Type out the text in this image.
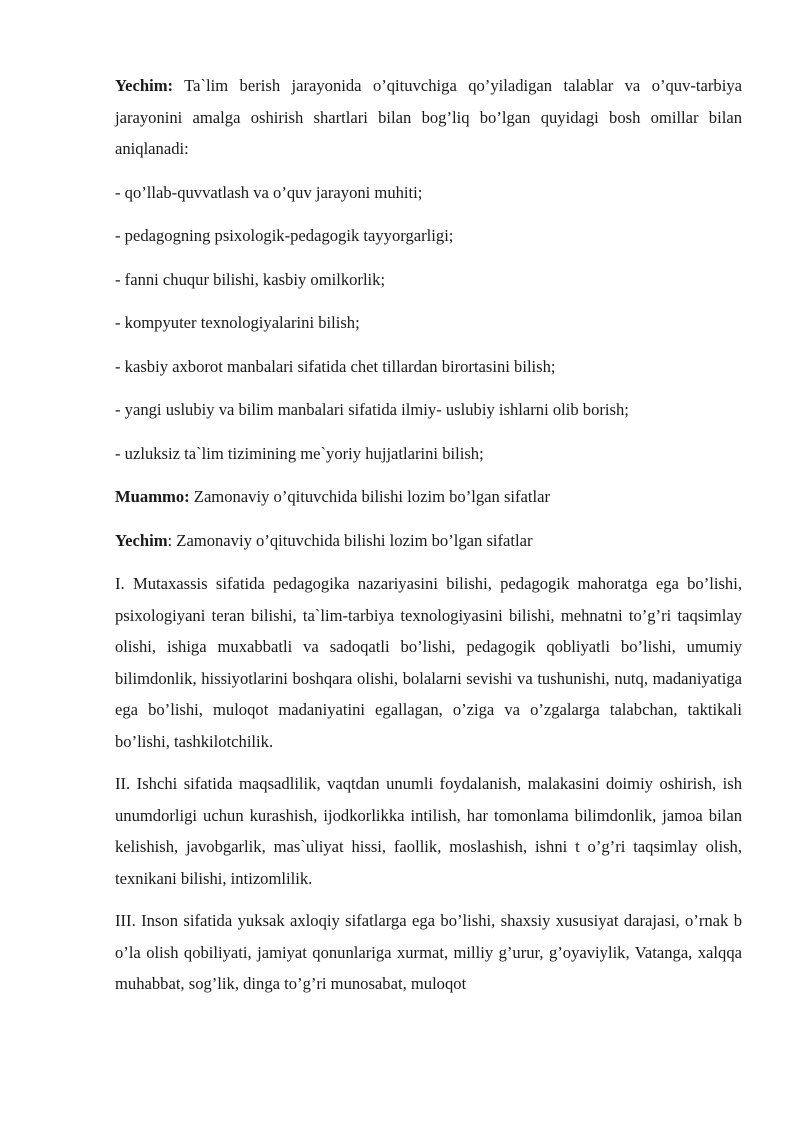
Yechim: Ta`lim berish jarayonida o’qituvchiga qo’yiladigan talablar va o’quv-tarbiya jarayonini amalga oshirish shartlari bilan bog’liq bo’lgan quyidagi bosh omillar bilan aniqlanadi:

- qo’llab-quvvatlash va o’quv jarayoni muhiti;

- pedagogning psixologik-pedagogik tayyorgarligi;

- fanni chuqur bilishi, kasbiy omilkorlik;

- kompyuter texnologiyalarini bilish;

- kasbiy axborot manbalari sifatida chet tillardan birortasini bilish;

- yangi uslubiy va bilim manbalari sifatida ilmiy- uslubiy ishlarni olib borish;

- uzluksiz ta`lim tizimining me`yoriy hujjatlarini bilish;

Muammo: Zamonaviy o’qituvchida bilishi lozim bo’lgan sifatlar

Yechim: Zamonaviy o’qituvchida bilishi lozim bo’lgan sifatlar

I. Mutaxassis sifatida pedagogika nazariyasini bilishi, pedagogik mahoratga ega bo’lishi, psixologiyani teran bilishi, ta`lim-tarbiya texnologiyasini bilishi, mehnatni to’g’ri taqsimlay olishi, ishiga muxabbatli va sadoqatli bo’lishi, pedagogik qobliyatli bo’lishi, umumiy bilimdonlik, hissiyotlarini boshqara olishi, bolalarni sevishi va tushunishi, nutq, madaniyatiga ega bo’lishi, muloqot madaniyatini egallagan, o’ziga va o’zgalarga talabchan, taktikali bo’lishi, tashkilotchilik.

II. Ishchi sifatida maqsadlilik, vaqtdan unumli foydalanish, malakasini doimiy oshirish, ish unumdorligi uchun kurashish, ijodkorlikka intilish, har tomonlama bilimdonlik, jamoa bilan kelishish, javobgarlik, mas`uliyat hissi, faollik, moslashish, ishni t o’g’ri taqsimlay olish, texnikani bilishi, intizomlilik.

III. Inson sifatida yuksak axloqiy sifatlarga ega bo’lishi, shaxsiy xususiyat darajasi, o’rnak b o’la olish qobiliyati, jamiyat qonunlariga xurmat, milliy g’urur, g’oyaviylik, Vatanga, xalqqa muhabbat, sog’lik, dinga to’g’ri munosabat, muloqot
